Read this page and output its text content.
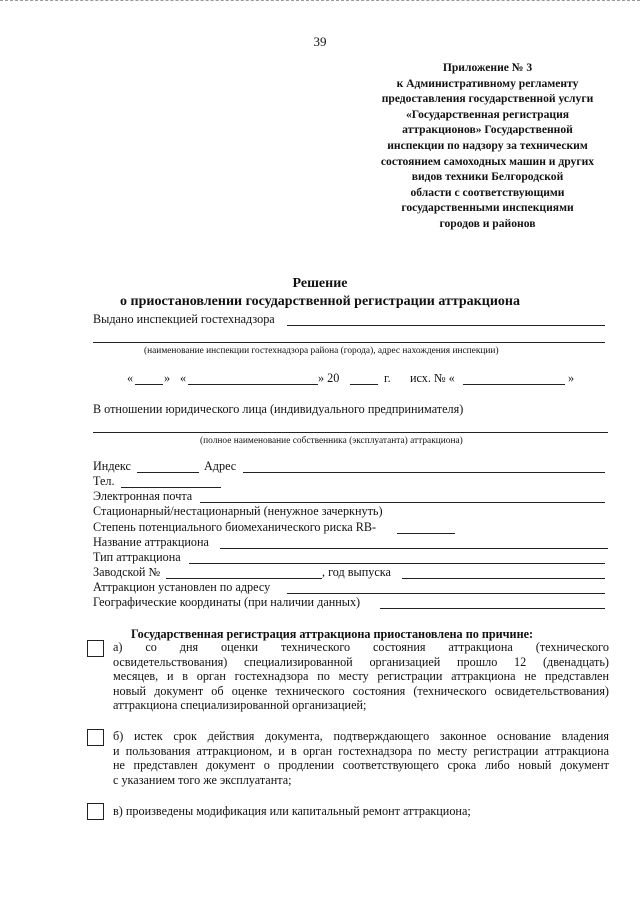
39
Приложение № 3
к Административному регламенту
предоставления государственной услуги
«Государственная регистрация
аттракционов» Государственной
инспекции по надзору за техническим
состоянием самоходных машин и других
видов техники Белгородской
области с соответствующими
государственными инспекциями
городов и районов
Решение
о приостановлении государственной регистрации аттракциона
Выдано инспекцией гостехнадзора
(наименование инспекции гостехнадзора района (города), адрес нахождения инспекции)
«	» «	» 20	г. исх. № «	»
В отношении юридического лица (индивидуального предпринимателя)
(полное наименование собственника (эксплуатанта) аттракциона)
Индекс	Адрес
Тел.
Электронная почта
Стационарный/нестационарный (ненужное зачеркнуть)
Степень потенциального биомеханического риска RB-
Название аттракциона
Тип аттракциона
Заводской №	, год выпуска
Аттракцион установлен по адресу
Географические координаты (при наличии данных)
Государственная регистрация аттракциона приостановлена по причине:
а) со дня оценки технического состояния аттракциона (технического
освидетельствования) специализированной организацией прошло 12 (двенадцать)
месяцев, и в орган гостехнадзора по месту регистрации аттракциона не представлен
новый документ об оценке технического состояния (технического освидетельствования)
аттракциона специализированной организацией;
б) истек срок действия документа, подтверждающего законное основание владения
и пользования аттракционом, и в орган гостехнадзора по месту регистрации аттракциона
не представлен документ о продлении соответствующего срока либо новый документ
с указанием того же эксплуатанта;
в) произведены модификация или капитальный ремонт аттракциона;
